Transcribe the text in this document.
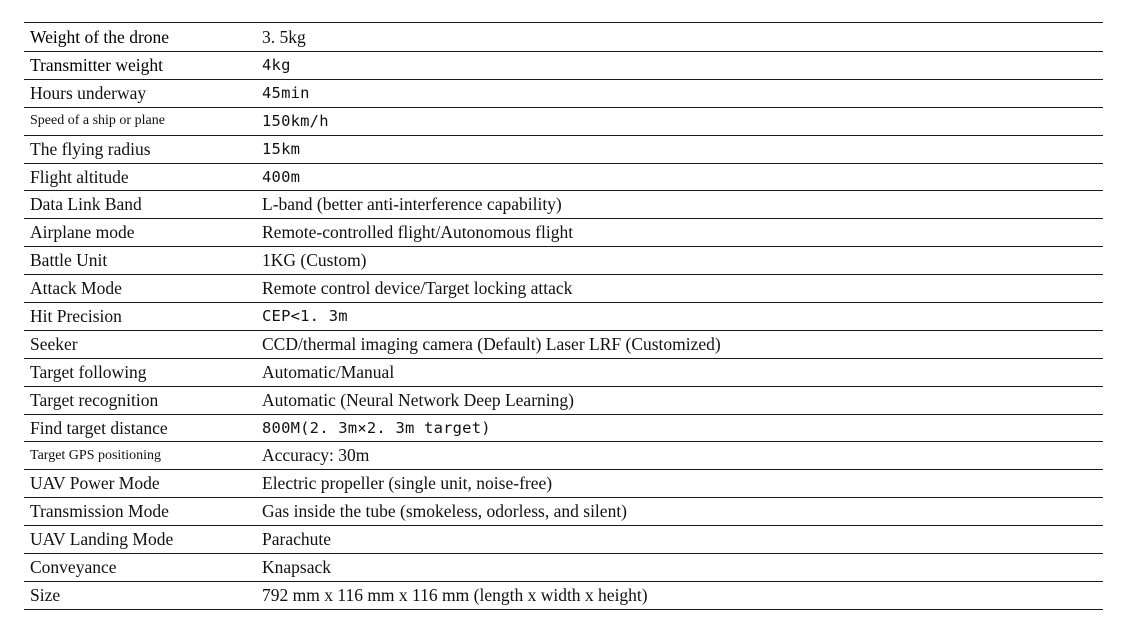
Weight of the drone	3. 5kg
Transmitter weight	4kg
Hours underway	45min
Speed of a ship or plane	150km/h
The flying radius	15km
Flight altitude	400m
Data Link Band	L-band (better anti-interference capability)
Airplane mode	Remote-controlled flight/Autonomous flight
Battle Unit	1KG (Custom)
Attack Mode	Remote control device/Target locking attack
Hit Precision	CEP<1. 3m
Seeker	CCD/thermal imaging camera (Default) Laser LRF (Customized)
Target following	Automatic/Manual
Target recognition	Automatic (Neural Network Deep Learning)
Find target distance	800M(2. 3m×2. 3m target)
Target GPS positioning	Accuracy: 30m
UAV Power Mode	Electric propeller (single unit, noise-free)
Transmission Mode	Gas inside the tube (smokeless, odorless, and silent)
UAV Landing Mode	Parachute
Conveyance	Knapsack
Size	792 mm x 116 mm x 116 mm (length x width x height)
